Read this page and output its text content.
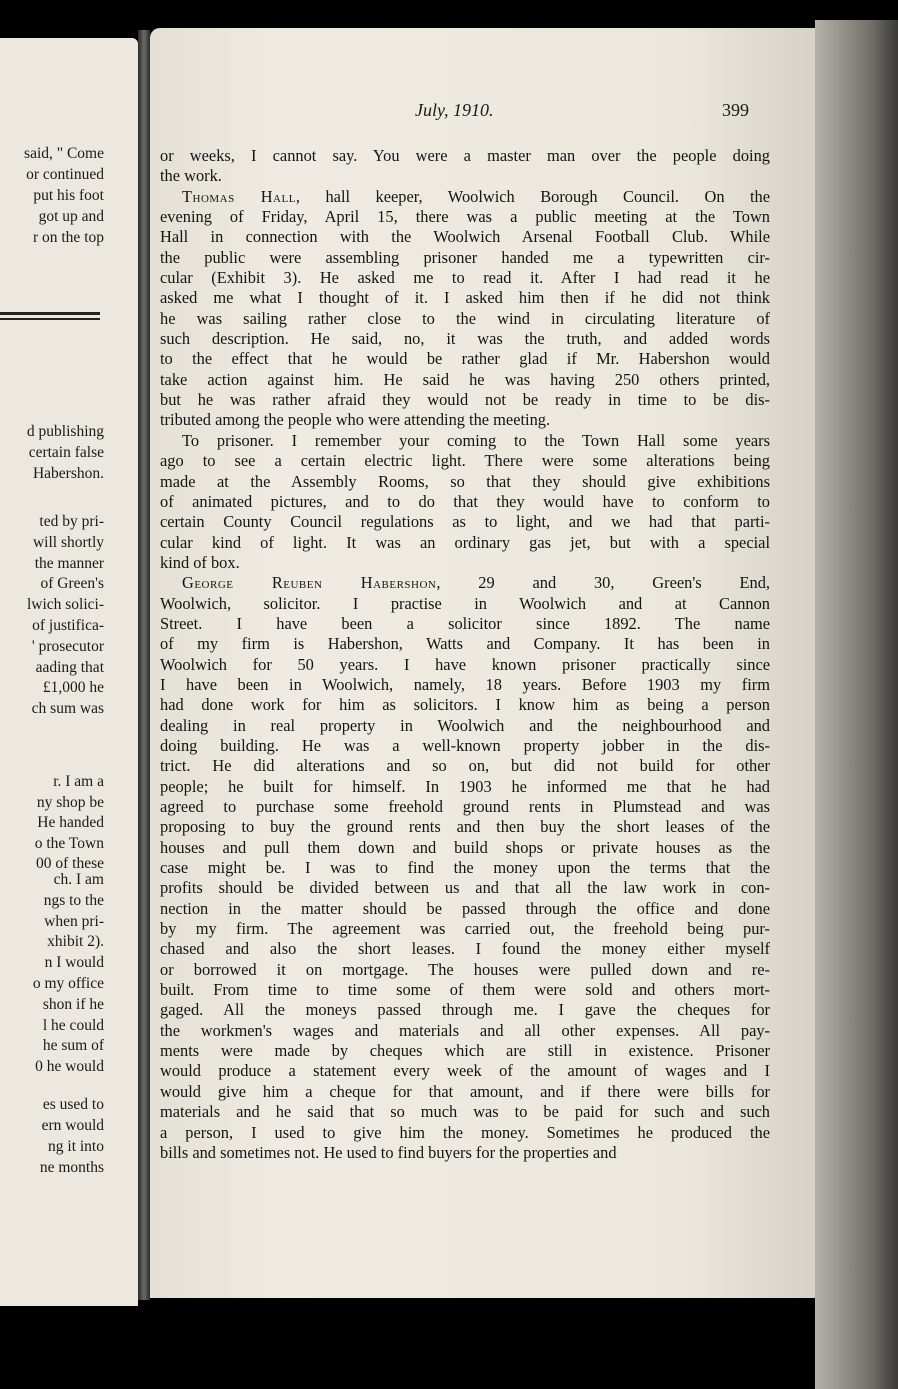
said, " Come
or continued
put his foot
got up and
r on the top
d publishing
certain false
Habershon.
ted by pri-
will shortly
the manner
of Green's
lwich solici-
of justifica-
' prosecutor
aading that
£1,000 he
ch sum was
r. I am a
ny shop be
He handed
o the Town
00 of these
ch. I am
ngs to the
when pri-
xhibit 2).
n I would
o my office
shon if he
l he could
he sum of
0 he would
es used to
ern would
ng it into
ne months
July, 1910.	399
or weeks, I cannot say. You were a master man over the people doing
the work.
Thomas Hall, hall keeper, Woolwich Borough Council. On the
evening of Friday, April 15, there was a public meeting at the Town
Hall in connection with the Woolwich Arsenal Football Club. While
the public were assembling prisoner handed me a typewritten cir-
cular (Exhibit 3). He asked me to read it. After I had read it he
asked me what I thought of it. I asked him then if he did not think
he was sailing rather close to the wind in circulating literature of
such description. He said, no, it was the truth, and added words
to the effect that he would be rather glad if Mr. Habershon would
take action against him. He said he was having 250 others printed,
but he was rather afraid they would not be ready in time to be dis-
tributed among the people who were attending the meeting.
To prisoner. I remember your coming to the Town Hall some years
ago to see a certain electric light. There were some alterations being
made at the Assembly Rooms, so that they should give exhibitions
of animated pictures, and to do that they would have to conform to
certain County Council regulations as to light, and we had that parti-
cular kind of light. It was an ordinary gas jet, but with a special
kind of box.
George Reuben Habershon, 29 and 30, Green's End,
Woolwich, solicitor. I practise in Woolwich and at Cannon
Street. I have been a solicitor since 1892. The name
of my firm is Habershon, Watts and Company. It has been in
Woolwich for 50 years. I have known prisoner practically since
I have been in Woolwich, namely, 18 years. Before 1903 my firm
had done work for him as solicitors. I know him as being a person
dealing in real property in Woolwich and the neighbourhood and
doing building. He was a well-known property jobber in the dis-
trict. He did alterations and so on, but did not build for other
people; he built for himself. In 1903 he informed me that he had
agreed to purchase some freehold ground rents in Plumstead and was
proposing to buy the ground rents and then buy the short leases of the
houses and pull them down and build shops or private houses as the
case might be. I was to find the money upon the terms that the
profits should be divided between us and that all the law work in con-
nection in the matter should be passed through the office and done
by my firm. The agreement was carried out, the freehold being pur-
chased and also the short leases. I found the money either myself
or borrowed it on mortgage. The houses were pulled down and re-
built. From time to time some of them were sold and others mort-
gaged. All the moneys passed through me. I gave the cheques for
the workmen's wages and materials and all other expenses. All pay-
ments were made by cheques which are still in existence. Prisoner
would produce a statement every week of the amount of wages and I
would give him a cheque for that amount, and if there were bills for
materials and he said that so much was to be paid for such and such
a person, I used to give him the money. Sometimes he produced the
bills and sometimes not. He used to find buyers for the properties and
